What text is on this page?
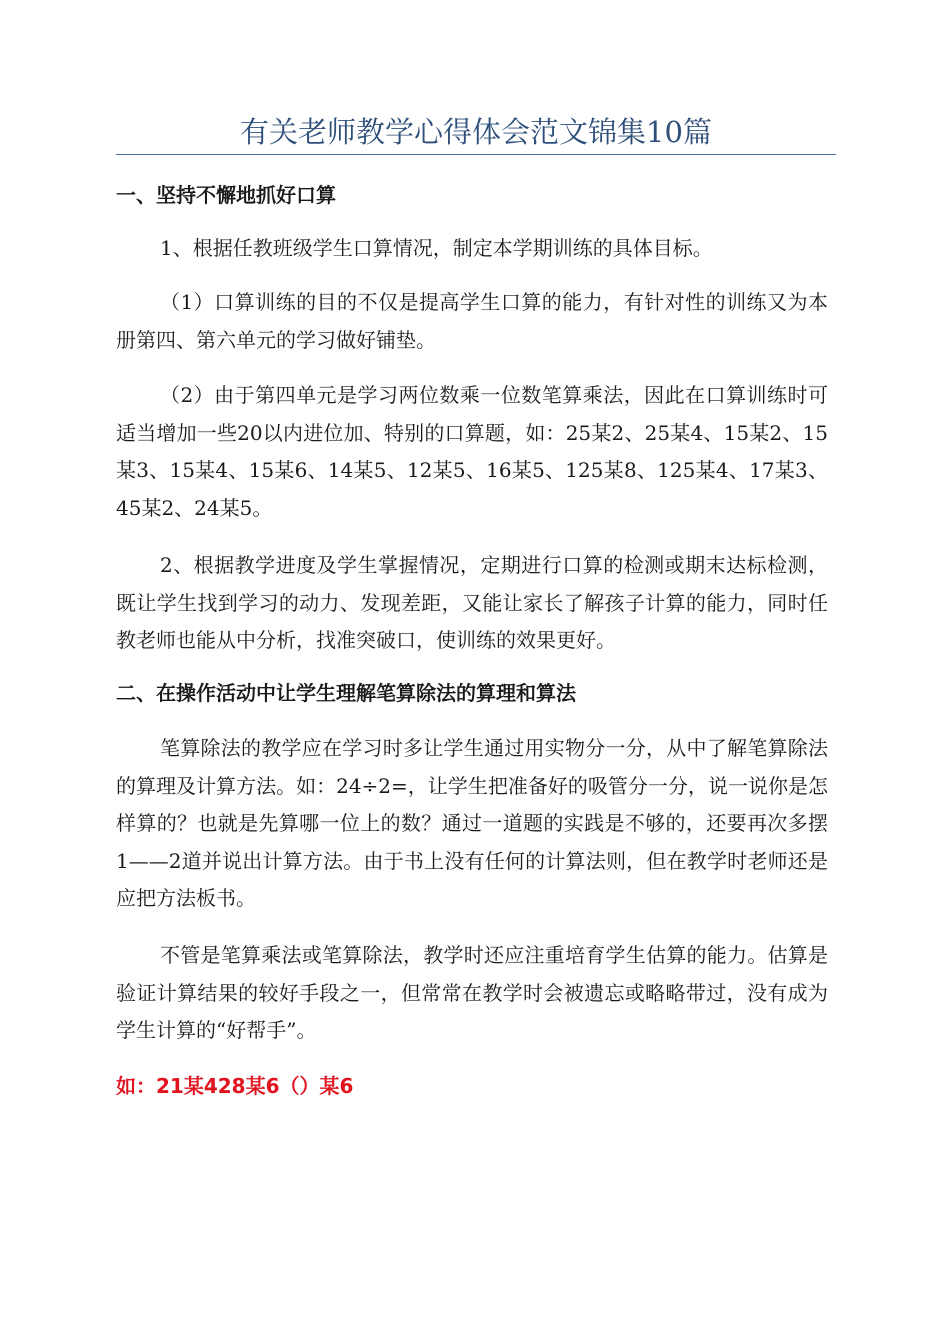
有关老师教学心得体会范文锦集10篇
一、坚持不懈地抓好口算
1、根据任教班级学生口算情况，制定本学期训练的具体目标。
（1）口算训练的目的不仅是提高学生口算的能力，有针对性的训练又为本册第四、第六单元的学习做好铺垫。
（2）由于第四单元是学习两位数乘一位数笔算乘法，因此在口算训练时可适当增加一些20以内进位加、特别的口算题，如：25某2、25某4、15某2、15某3、15某4、15某6、14某5、12某5、16某5、125某8、125某4、17某3、45某2、24某5。
2、根据教学进度及学生掌握情况，定期进行口算的检测或期末达标检测，既让学生找到学习的动力、发现差距，又能让家长了解孩子计算的能力，同时任教老师也能从中分析，找准突破口，使训练的效果更好。
二、在操作活动中让学生理解笔算除法的算理和算法
笔算除法的教学应在学习时多让学生通过用实物分一分，从中了解笔算除法的算理及计算方法。如：24÷2=，让学生把准备好的吸管分一分，说一说你是怎样算的？也就是先算哪一位上的数？通过一道题的实践是不够的，还要再次多摆1——2道并说出计算方法。由于书上没有任何的计算法则，但在教学时老师还是应把方法板书。
不管是笔算乘法或笔算除法，教学时还应注重培育学生估算的能力。估算是验证计算结果的较好手段之一，但常常在教学时会被遗忘或略略带过，没有成为学生计算的“好帮手”。
如：21某428某6（）某6
